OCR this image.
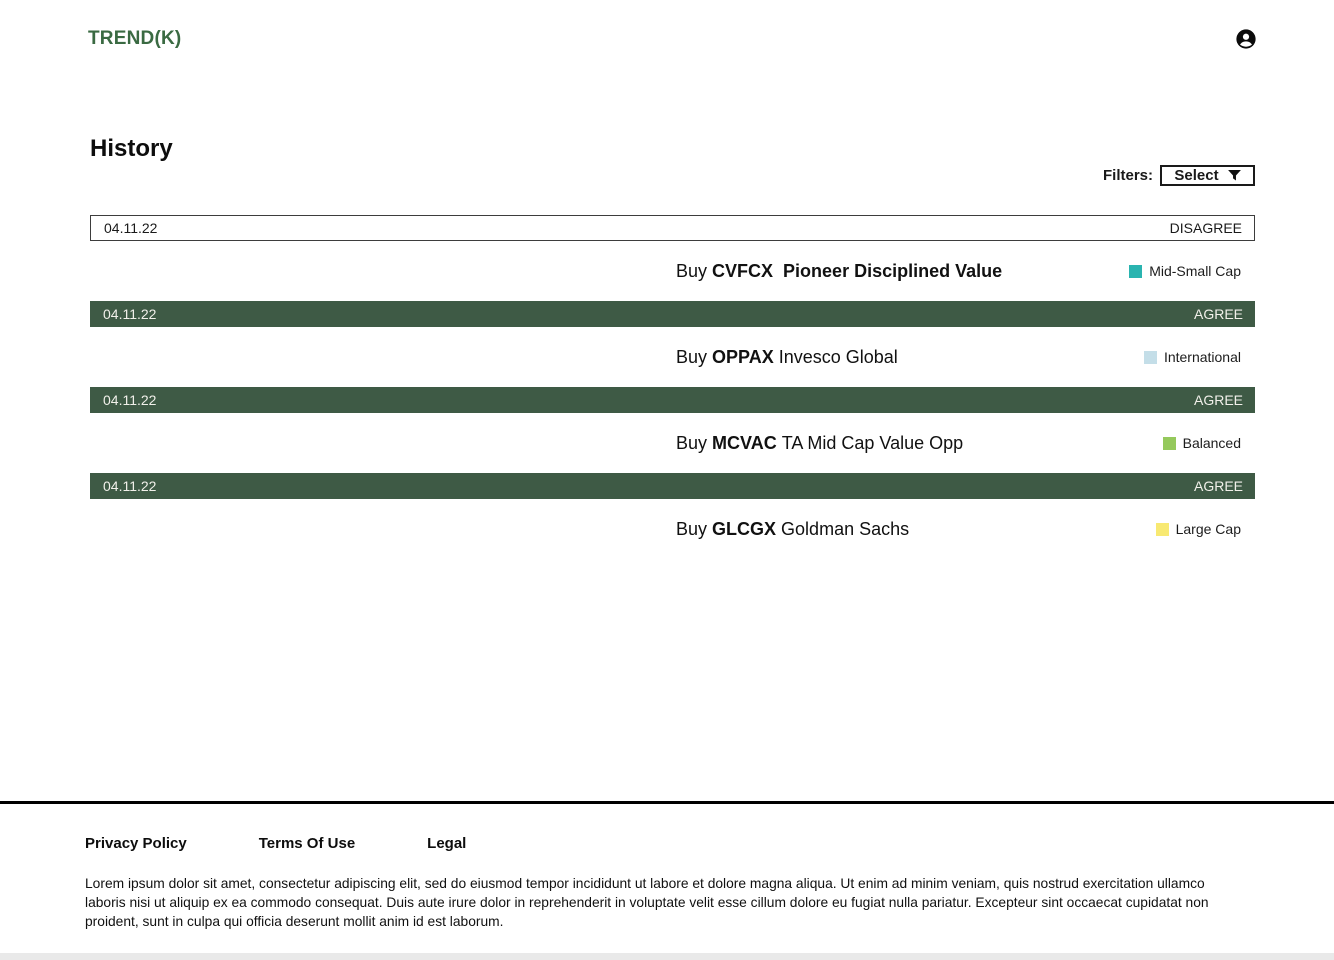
TREND(K)
History
Filters: Select
04.11.22	DISAGREE
Buy CVFCX Pioneer Disciplined Value	Mid-Small Cap
04.11.22	AGREE
Buy OPPAX Invesco Global	International
04.11.22	AGREE
Buy MCVAC TA Mid Cap Value Opp	Balanced
04.11.22	AGREE
Buy GLCGX Goldman Sachs	Large Cap
Privacy Policy	Terms Of Use	Legal

Lorem ipsum dolor sit amet, consectetur adipiscing elit, sed do eiusmod tempor incididunt ut labore et dolore magna aliqua. Ut enim ad minim veniam, quis nostrud exercitation ullamco laboris nisi ut aliquip ex ea commodo consequat. Duis aute irure dolor in reprehenderit in voluptate velit esse cillum dolore eu fugiat nulla pariatur. Excepteur sint occaecat cupidatat non proident, sunt in culpa qui officia deserunt mollit anim id est laborum.
